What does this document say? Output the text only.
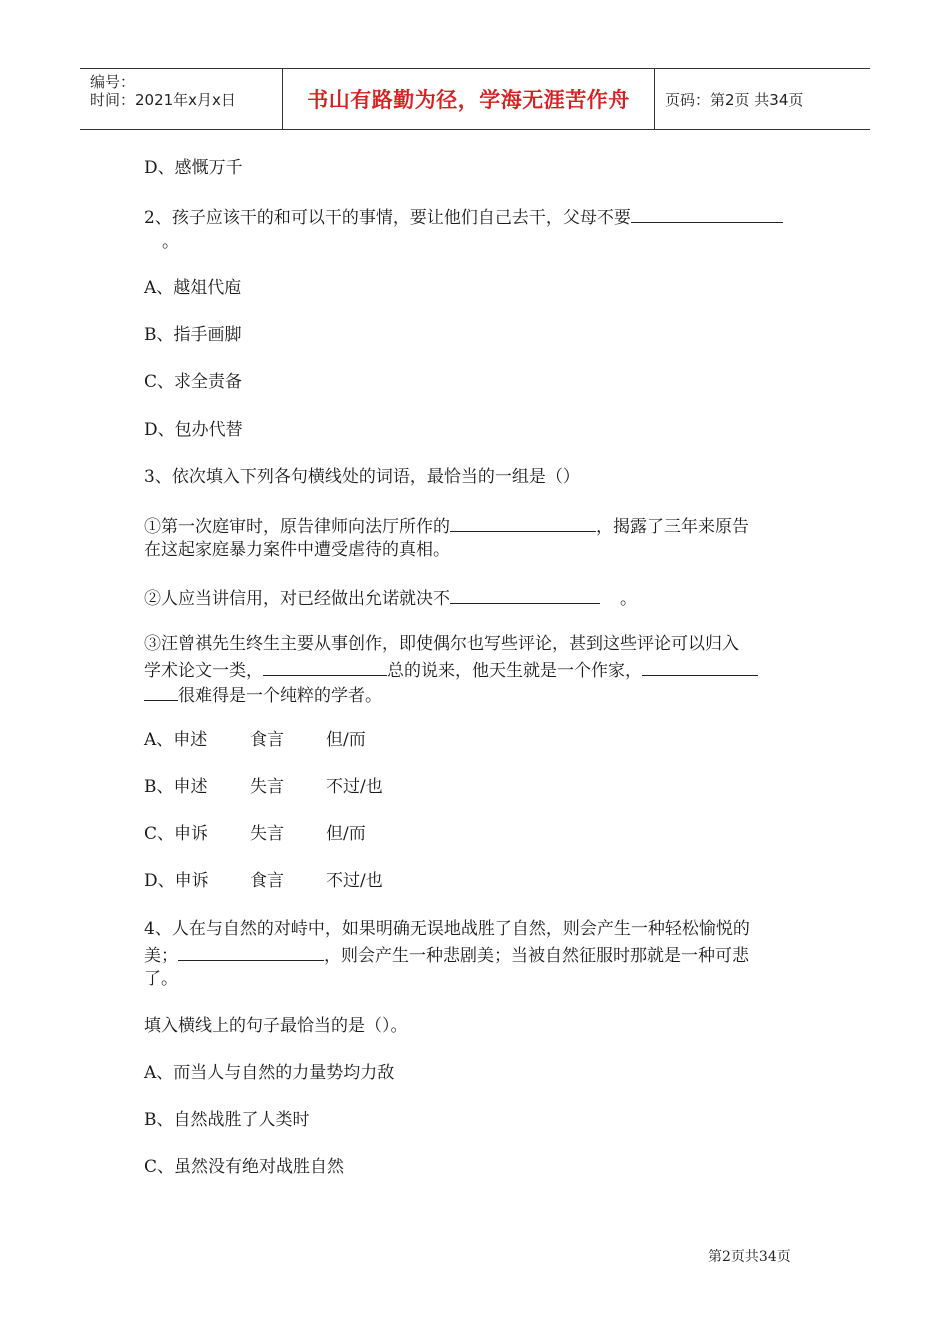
编号：
时间：2021年x月x日	书山有路勤为径，学海无涯苦作舟	页码：第2页 共34页
D、感慨万千
2、孩子应该干的和可以干的事情，要让他们自己去干，父母不要
。
A、越俎代庖
B、指手画脚
C、求全责备
D、包办代替
3、依次填入下列各句横线处的词语，最恰当的一组是（）
①第一次庭审时，原告律师向法厅所作的	，揭露了三年来原告
在这起家庭暴力案件中遭受虐待的真相。
②人应当讲信用，对已经做出允诺就决不	。
③汪曾祺先生终生主要从事创作，即使偶尔也写些评论，甚到这些评论可以归入
学术论文一类，	总的说来，他天生就是一个作家，
很难得是一个纯粹的学者。
A、申述	食言 但/而
B、申述	失言 不过/也
C、申诉 失言 但/而
D、申诉 食言 不过/也
4、人在与自然的对峙中，如果明确无误地战胜了自然，则会产生一种轻松愉悦的
美；	，则会产生一种悲剧美；当被自然征服时那就是一种可悲
了。
填入横线上的句子最恰当的是（）。
A、而当人与自然的力量势均力敌
B、自然战胜了人类时
C、虽然没有绝对战胜自然
第2页共34页
